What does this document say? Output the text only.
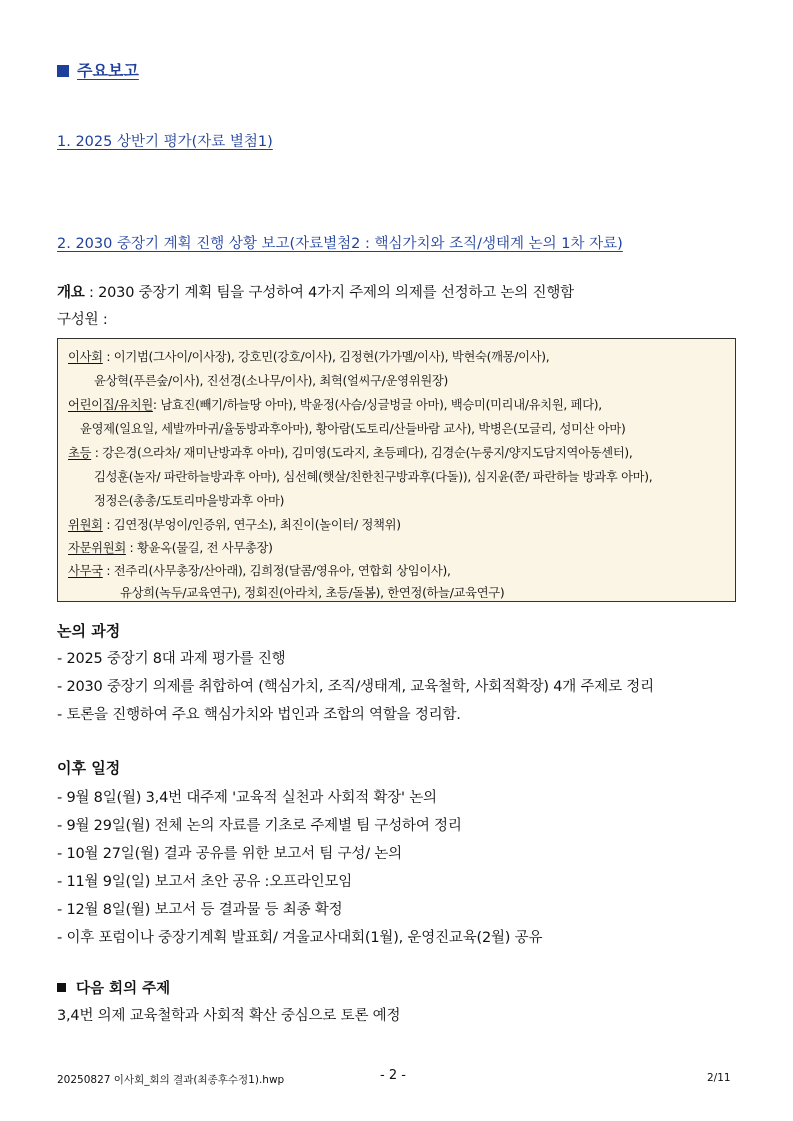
주요보고
1. 2025 상반기 평가(자료 별첨1)
2. 2030 중장기 계획 진행 상황 보고(자료별첨2 : 핵심가치와 조직/생태계 논의 1차 자료)
개요 : 2030 중장기 계획 팀을 구성하여 4가지 주제의 의제를 선정하고 논의 진행함
구성원 :
이사회 : 이기범(그사이/이사장), 강호민(강호/이사), 김정현(가가멜/이사), 박현숙(깨몽/이사),
윤상혁(푸른숲/이사), 진선경(소나무/이사), 최혁(얼씨구/운영위원장)
어린이집/유치원: 남효진(빼기/하늘땅 아마), 박윤정(사슴/싱글벙글 아마), 백승미(미리내/유치원, 페다),
윤영제(일요일, 세발까마귀/율동방과후아마), 황아람(도토리/산들바람 교사), 박병은(모글리, 성미산 아마)
초등 : 강은경(으라차/ 재미난방과후 아마), 김미영(도라지, 초등페다), 김경순(누룽지/양지도담지역아동센터),
김성훈(놀자/ 파란하늘방과후 아마), 심선혜(햇살/친한친구방과후(다돌)), 심지윤(쭌/ 파란하늘 방과후 아마),
정정은(총총/도토리마을방과후 아마)
위원회 : 김연정(부엉이/인증위, 연구소), 최진이(놀이터/ 정책위)
자문위원회 : 황윤옥(물길, 전 사무총장)
사무국 : 전주리(사무총장/산아래), 김희정(달콤/영유아, 연합회 상임이사),
유상희(녹두/교육연구), 정회진(아라치, 초등/돌봄), 한연정(하늘/교육연구)
논의 과정
- 2025 중장기 8대 과제 평가를 진행
- 2030 중장기 의제를 취합하여 (핵심가치, 조직/생태계, 교육철학, 사회적확장) 4개 주제로 정리
- 토론을 진행하여 주요 핵심가치와 법인과 조합의 역할을 정리함.
이후 일정
- 9월 8일(월) 3,4번 대주제 '교육적 실천과 사회적 확장' 논의
- 9월 29일(월) 전체 논의 자료를 기초로 주제별 팀 구성하여 정리
- 10월 27일(월) 결과 공유를 위한 보고서 팀 구성/ 논의
- 11월 9일(일) 보고서 초안 공유 :오프라인모임
- 12월 8일(월) 보고서 등 결과물 등 최종 확정
- 이후 포럼이나 중장기계획 발표회/ 겨울교사대회(1월), 운영진교육(2월) 공유
다음 회의 주제
3,4번 의제 교육철학과 사회적 확산 중심으로 토론 예정
20250827 이사회_회의 결과(최종후수정1).hwp	- 2 -	2/11
